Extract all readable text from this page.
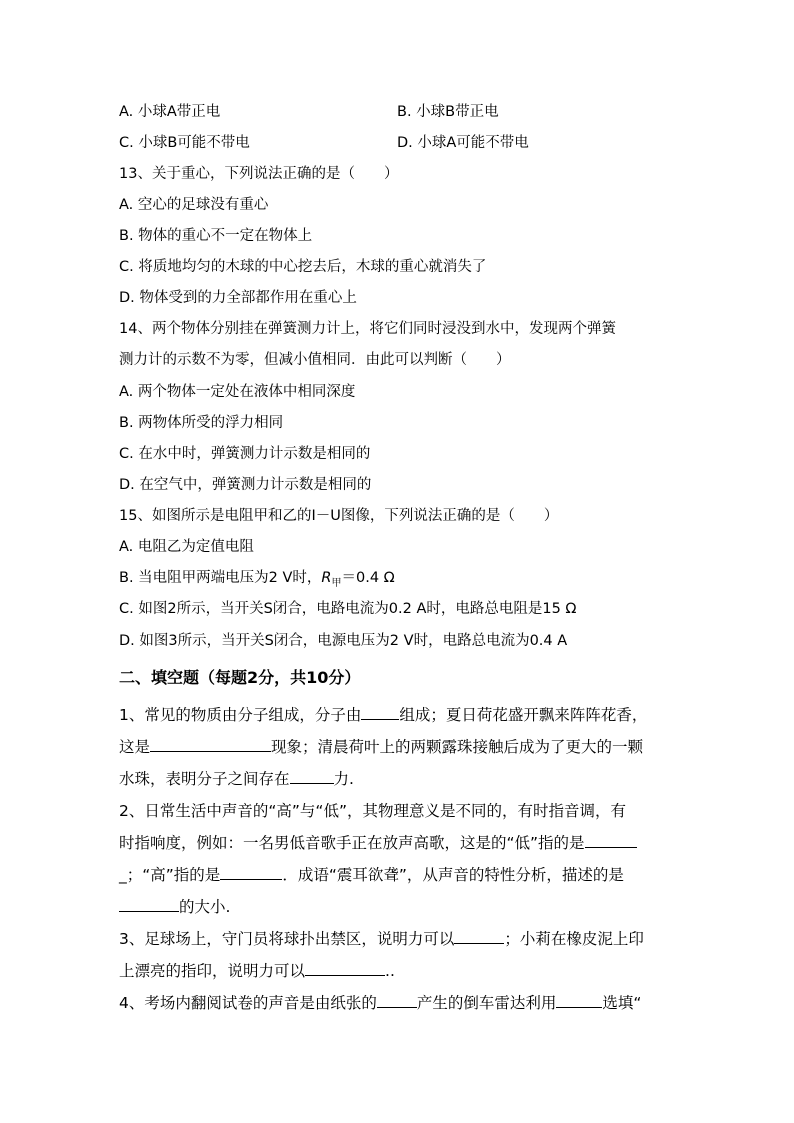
A. 小球A带正电	B. 小球B带正电
C. 小球B可能不带电	D. 小球A可能不带电
13、关于重心，下列说法正确的是（　　）
A. 空心的足球没有重心
B. 物体的重心不一定在物体上
C. 将质地均匀的木球的中心挖去后，木球的重心就消失了
D. 物体受到的力全部都作用在重心上
14、两个物体分别挂在弹簧测力计上，将它们同时浸没到水中，发现两个弹簧
测力计的示数不为零，但减小值相同．由此可以判断（　　）
A. 两个物体一定处在液体中相同深度
B. 两物体所受的浮力相同
C. 在水中时，弹簧测力计示数是相同的
D. 在空气中，弹簧测力计示数是相同的
15、如图所示是电阻甲和乙的I－U图像，下列说法正确的是（　　）
A. 电阻乙为定值电阻
B. 当电阻甲两端电压为2 V时，$R_甲=0.4$ Ω
C. 如图2所示，当开关S闭合，电路电流为0.2 A时，电路总电阻是15 Ω
D. 如图3所示，当开关S闭合，电源电压为2 V时，电路总电流为0.4 A
二、填空题（每题2分，共10分）
1、常见的物质由分子组成，分子由 组成；夏日荷花盛开飘来阵阵花香，
这是	现象；清晨荷叶上的两颗露珠接触后成为了更大的一颗
水珠，表明分子之间存在	力.
2、日常生活中声音的“高”与“低”，其物理意义是不同的，有时指音调，有
时指响度，例如：一名男低音歌手正在放声高歌，这是的“低”指的是
_；“高”指的是	．成语“震耳欲聋”，从声音的特性分析，描述的是
的大小.
3、足球场上，守门员将球扑出禁区，说明力可以	；小莉在橡皮泥上印
上漂亮的指印，说明力可以	..
4、考场内翻阅试卷的声音是由纸张的	产生的倒车雷达利用	选填“
